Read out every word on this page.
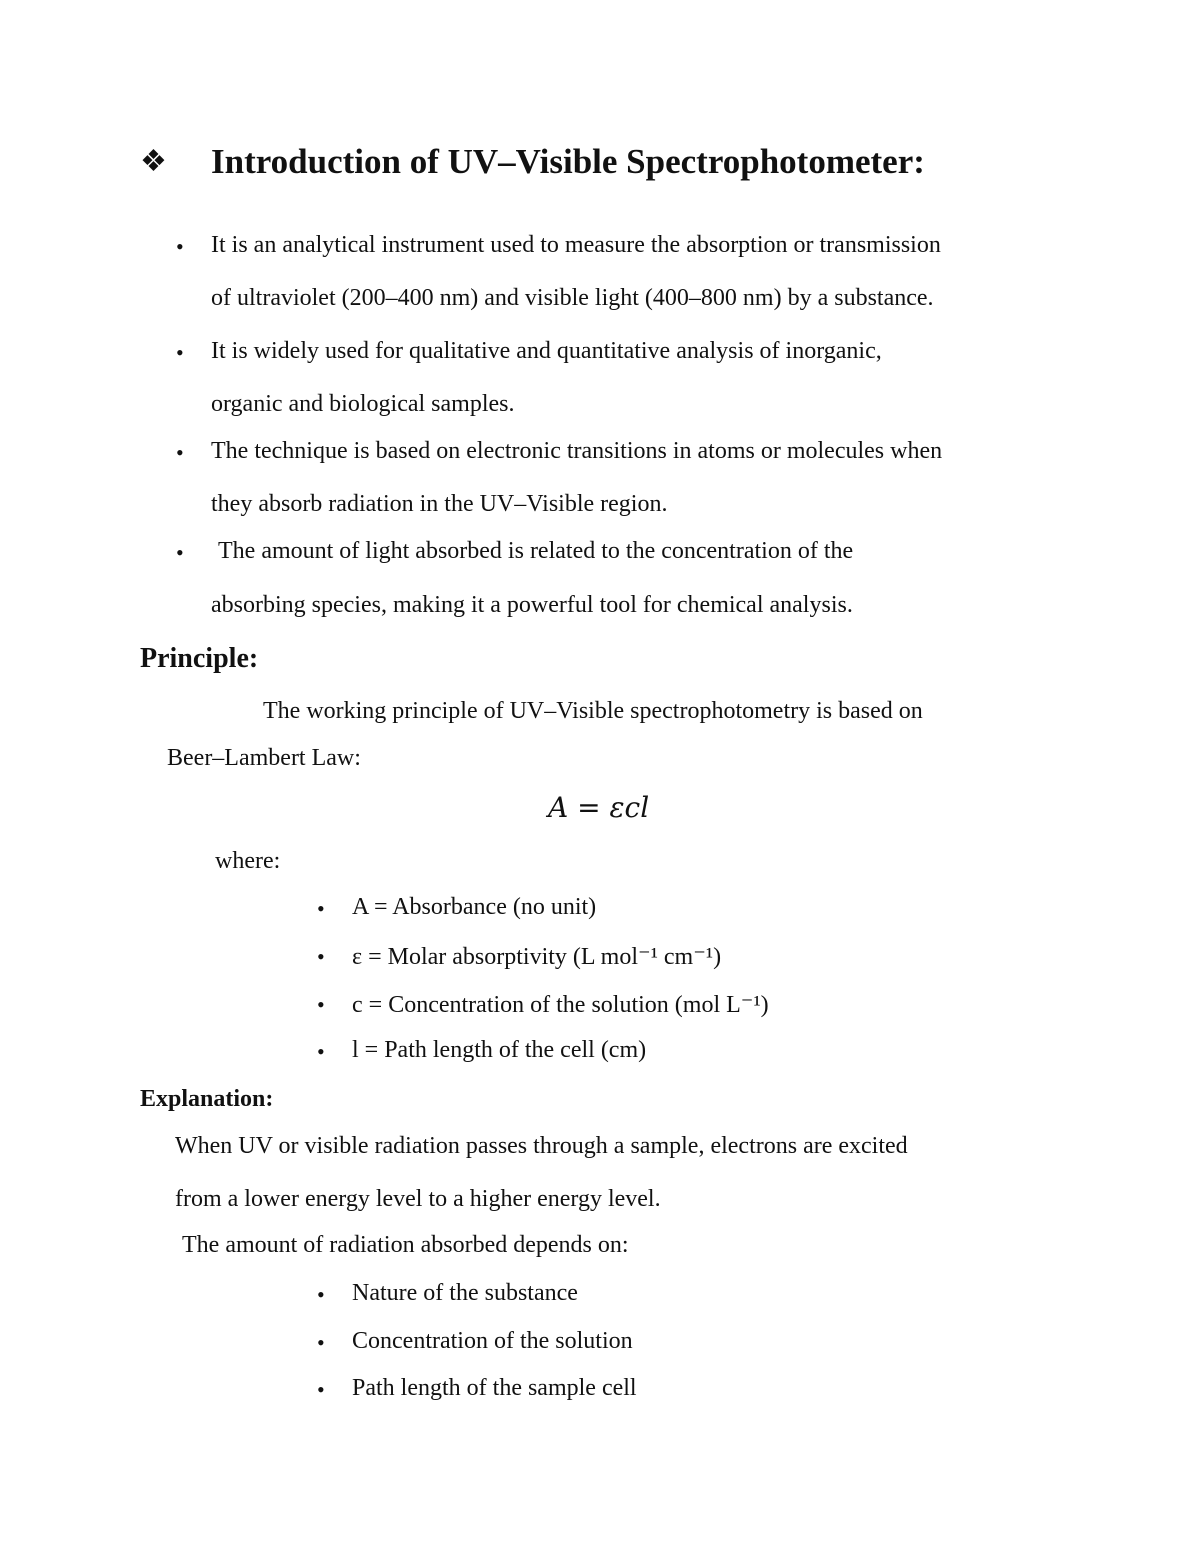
❖ Introduction of UV–Visible Spectrophotometer:
• It is an analytical instrument used to measure the absorption or transmission
of ultraviolet (200–400 nm) and visible light (400–800 nm) by a substance.
• It is widely used for qualitative and quantitative analysis of inorganic,
organic and biological samples.
• The technique is based on electronic transitions in atoms or molecules when
they absorb radiation in the UV–Visible region.
• The amount of light absorbed is related to the concentration of the
absorbing species, making it a powerful tool for chemical analysis.
Principle:
The working principle of UV–Visible spectrophotometry is based on
Beer–Lambert Law:
A = εcl
where:
• A = Absorbance (no unit)
• ε = Molar absorptivity (L mol⁻¹ cm⁻¹)
• c = Concentration of the solution (mol L⁻¹)
• l = Path length of the cell (cm)
Explanation:
When UV or visible radiation passes through a sample, electrons are excited
from a lower energy level to a higher energy level.
The amount of radiation absorbed depends on:
• Nature of the substance
• Concentration of the solution
• Path length of the sample cell
